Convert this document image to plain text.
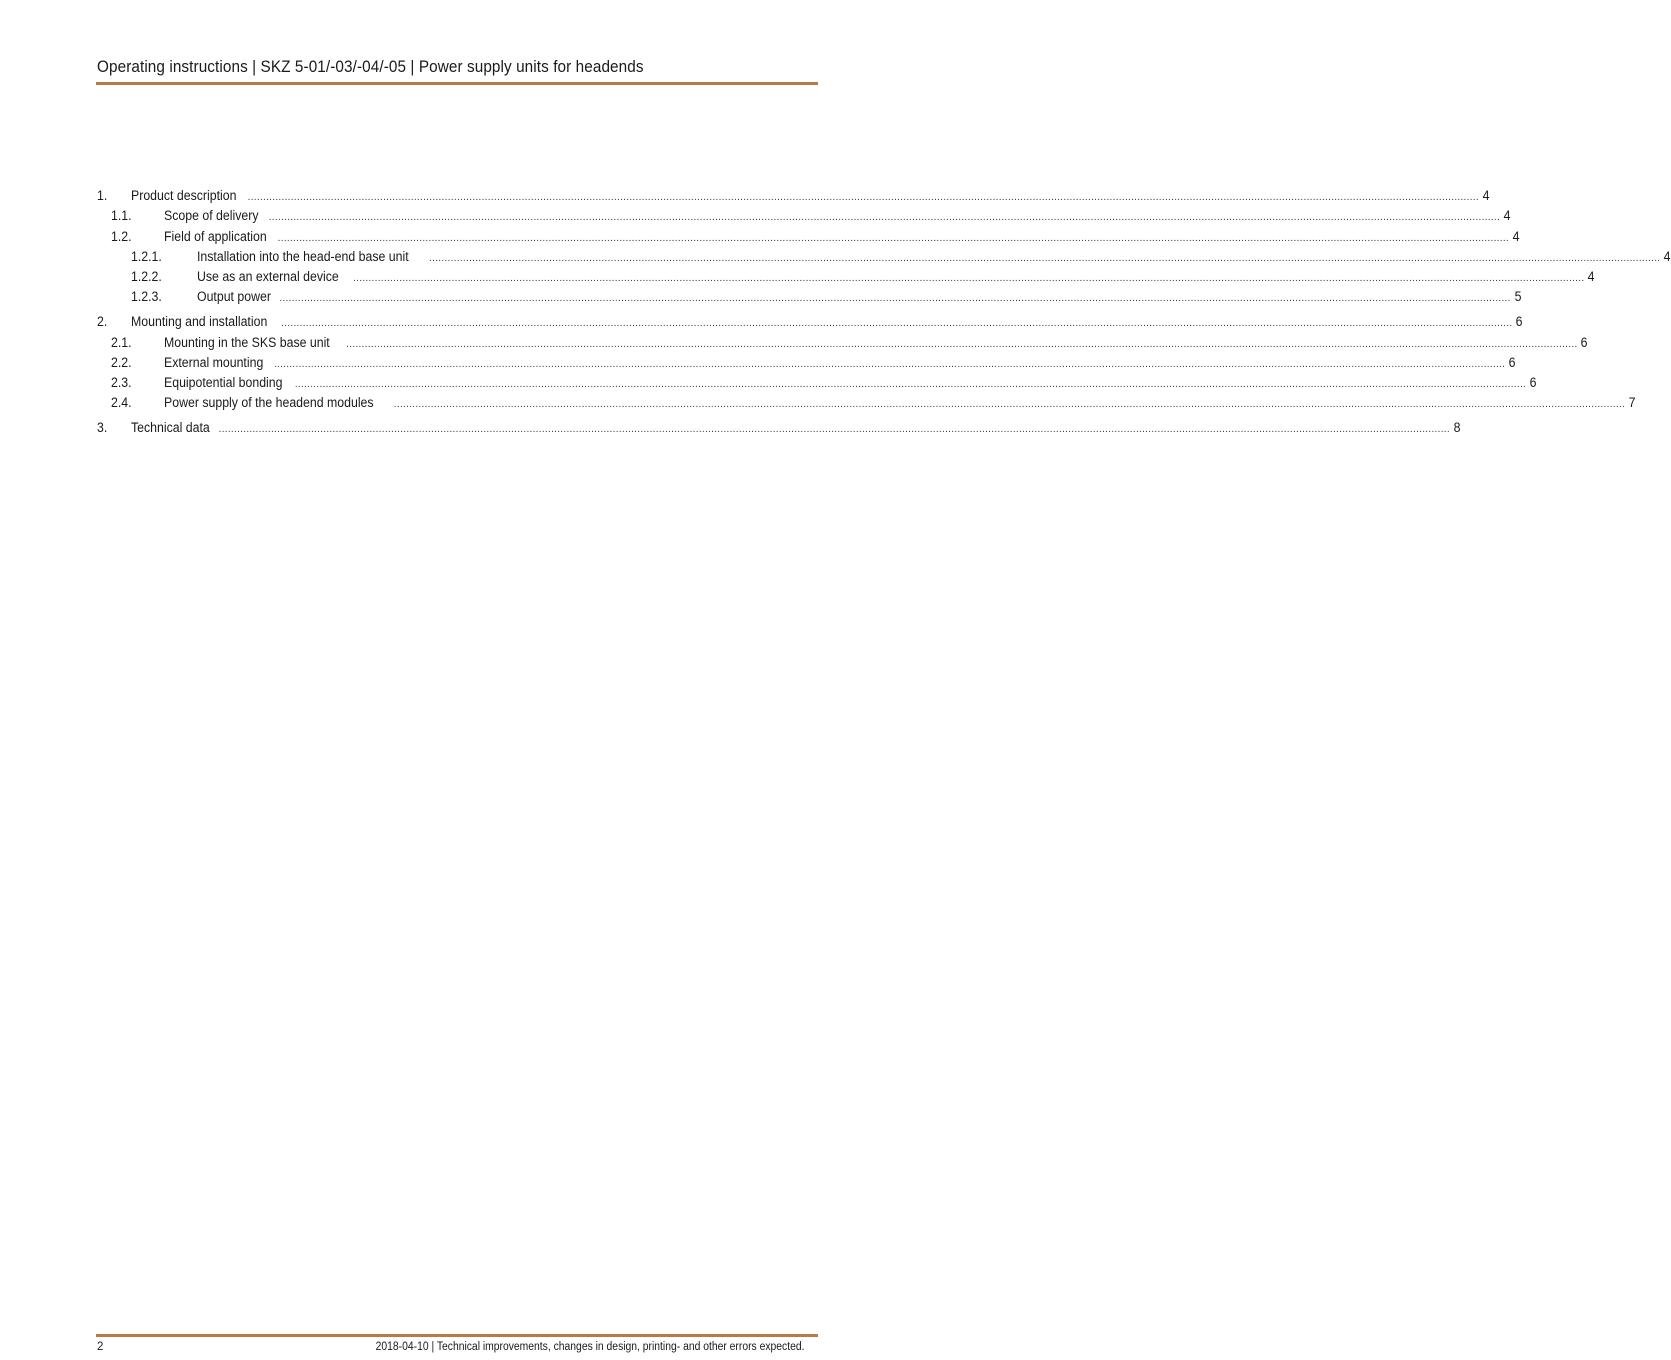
Operating instructions | SKZ 5-01/-03/-04/-05 | Power supply units for headends
1. Product description ................................................................................................................................................................................................................................................................................................................................................................................................................ 4
1.1. Scope of delivery ................................................................................................................................................................................................................................................................................................................................................................................................................ 4
1.2. Field of application ................................................................................................................................................................................................................................................................................................................................................................................................................ 4
1.2.1.	Installation into the head-end base unit ................................................................................................................................................................................................................................................................................................................................................................................................................ 4
1.2.2.	Use as an external device ................................................................................................................................................................................................................................................................................................................................................................................................................ 4
1.2.3.	Output power ................................................................................................................................................................................................................................................................................................................................................................................................................ 5
2. Mounting and installation ................................................................................................................................................................................................................................................................................................................................................................................................................ 6
2.1. Mounting in the SKS base unit ................................................................................................................................................................................................................................................................................................................................................................................................................ 6
2.2. External mounting ................................................................................................................................................................................................................................................................................................................................................................................................................ 6
2.3. Equipotential bonding ................................................................................................................................................................................................................................................................................................................................................................................................................ 6
2.4. Power supply of the headend modules ................................................................................................................................................................................................................................................................................................................................................................................................................ 7
3. Technical data ................................................................................................................................................................................................................................................................................................................................................................................................................ 8
2	2018-04-10 | Technical improvements, changes in design, printing- and other errors expected.
